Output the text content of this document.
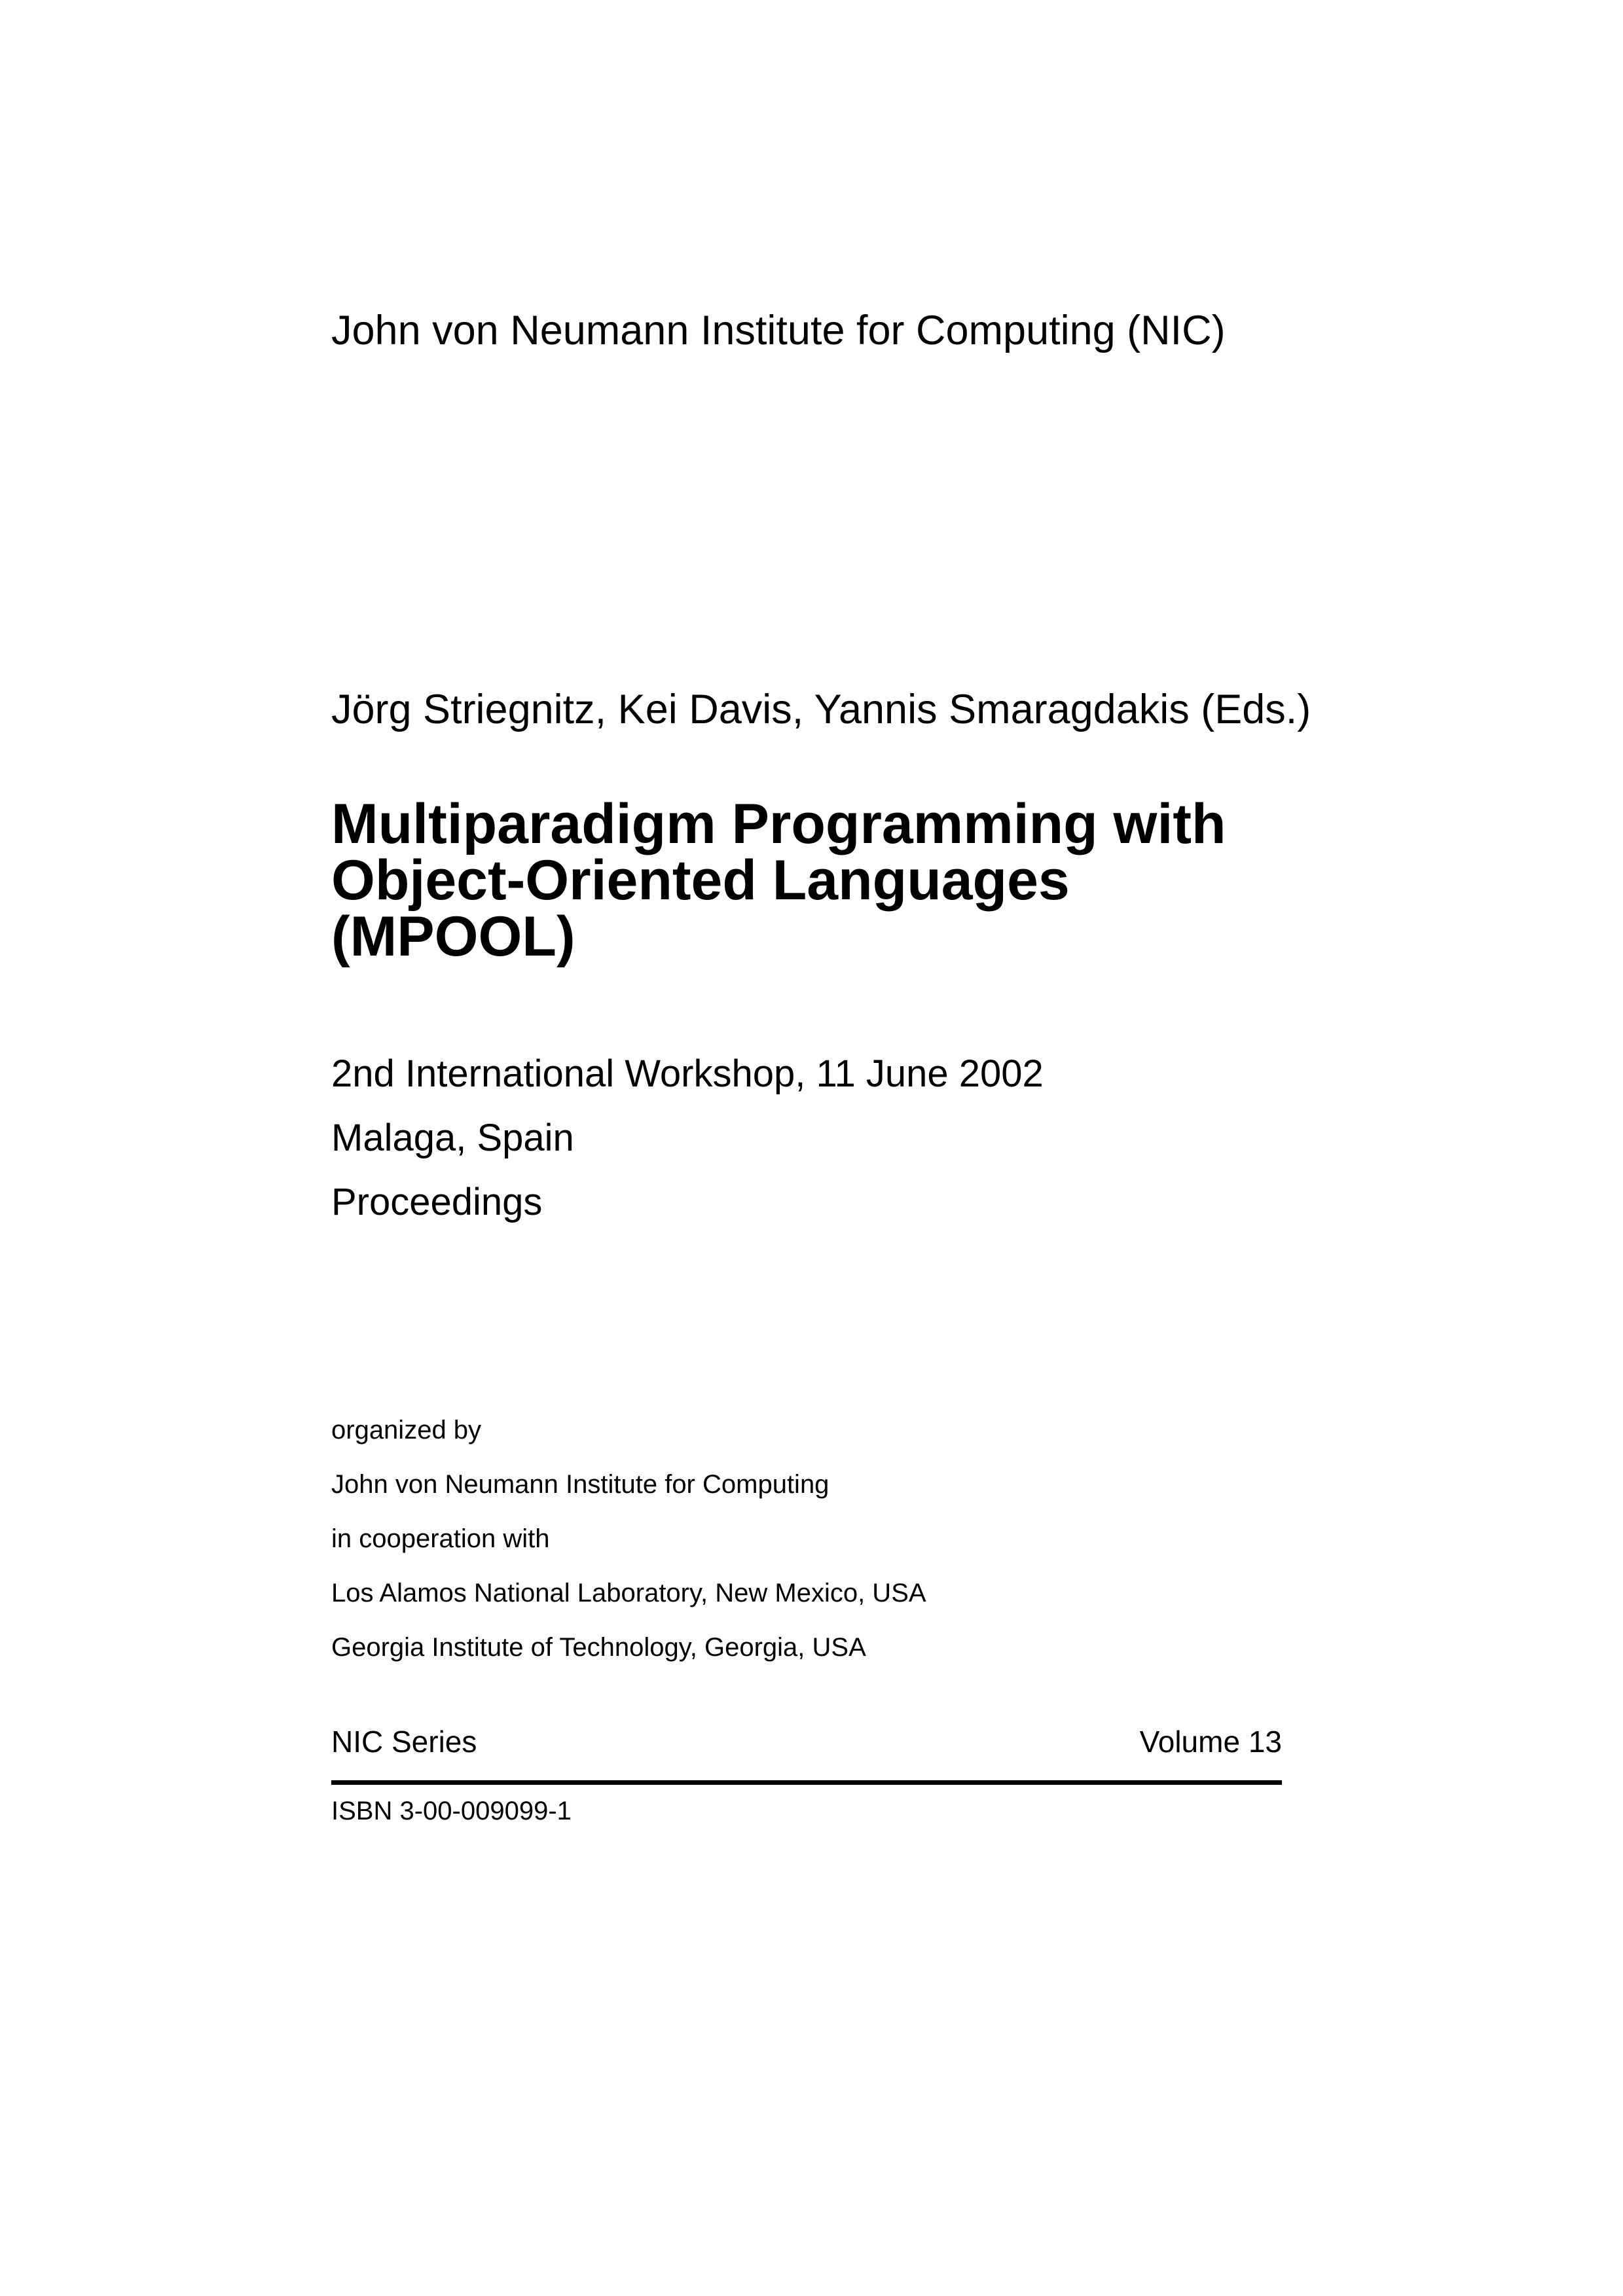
John von Neumann Institute for Computing (NIC)
Jörg Striegnitz, Kei Davis, Yannis Smaragdakis (Eds.)
Multiparadigm Programming with
Object-Oriented Languages
(MPOOL)
2nd International Workshop, 11 June 2002
Malaga, Spain
Proceedings
organized by
John von Neumann Institute for Computing
in cooperation with
Los Alamos National Laboratory, New Mexico, USA
Georgia Institute of Technology, Georgia, USA
NIC Series	Volume 13
ISBN 3-00-009099-1
